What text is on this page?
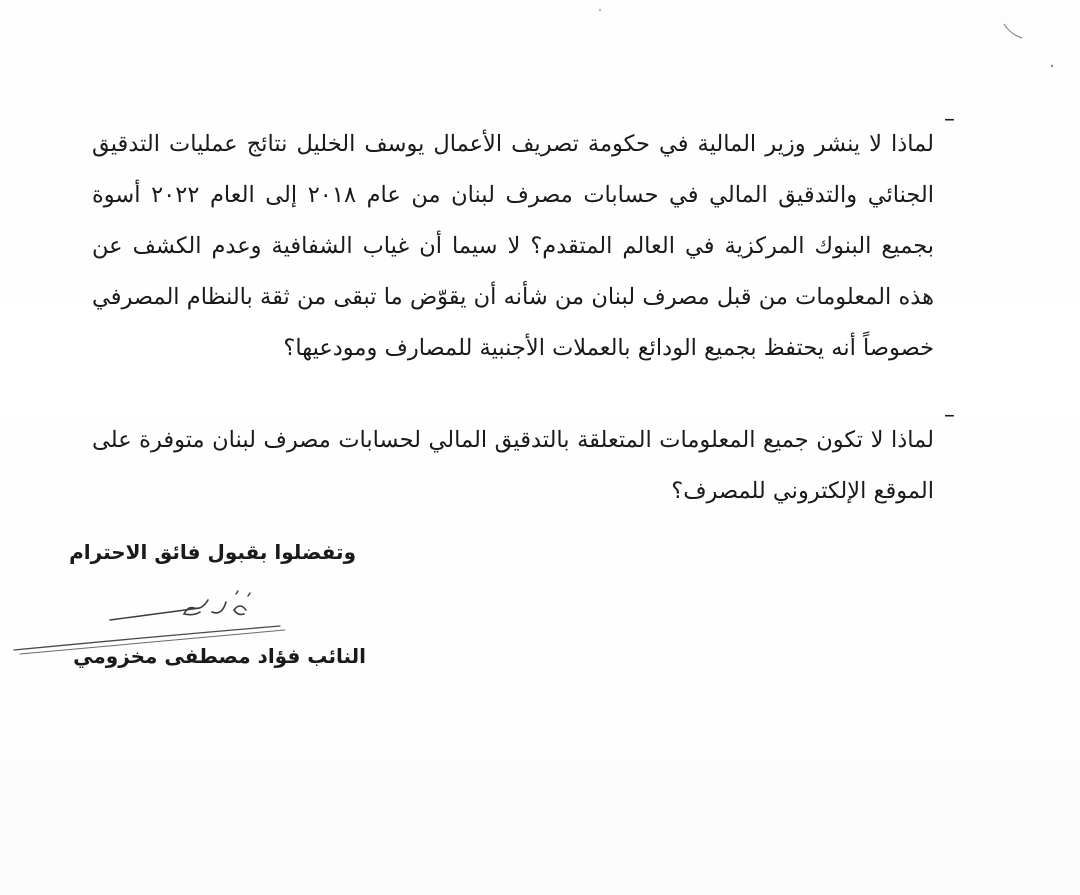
–

لماذا لا ينشر وزير المالية في حكومة تصريف الأعمال يوسف الخليل نتائج عمليات التدقيق الجنائي والتدقيق المالي في حسابات مصرف لبنان من عام ٢٠١٨ إلى العام ٢٠٢٢ أسوة بجميع البنوك المركزية في العالم المتقدم؟ لا سيما أن غياب الشفافية وعدم الكشف عن هذه المعلومات من قبل مصرف لبنان من شأنه أن يقوّض ما تبقى من ثقة بالنظام المصرفي خصوصاً أنه يحتفظ بجميع الودائع بالعملات الأجنبية للمصارف ومودعيها؟

–

لماذا لا تكون جميع المعلومات المتعلقة بالتدقيق المالي لحسابات مصرف لبنان متوفرة على الموقع الإلكتروني للمصرف؟

وتفضلوا بقبول فائق الاحترام
النائب فؤاد مصطفى مخزومي
